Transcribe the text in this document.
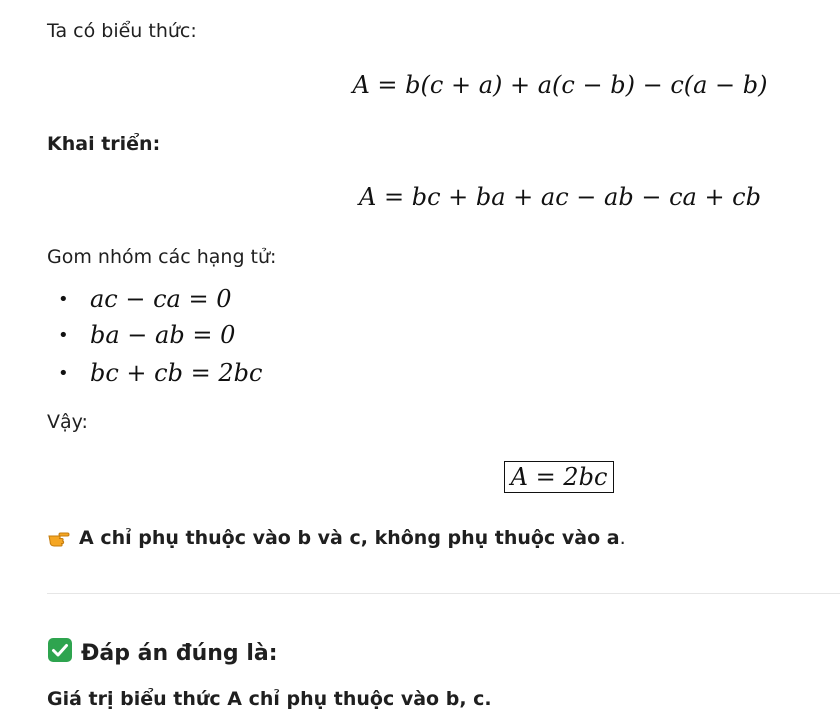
Ta có biểu thức:
A = b(c + a) + a(c − b) − c(a − b)
Khai triển:
A = bc + ba + ac − ab − ca + cb
Gom nhóm các hạng tử:
• ac − ca = 0
• ba − ab = 0
• bc + cb = 2bc
Vậy:
A = 2bc
A chỉ phụ thuộc vào b và c, không phụ thuộc vào a.
Đáp án đúng là:
Giá trị biểu thức A chỉ phụ thuộc vào b, c.
